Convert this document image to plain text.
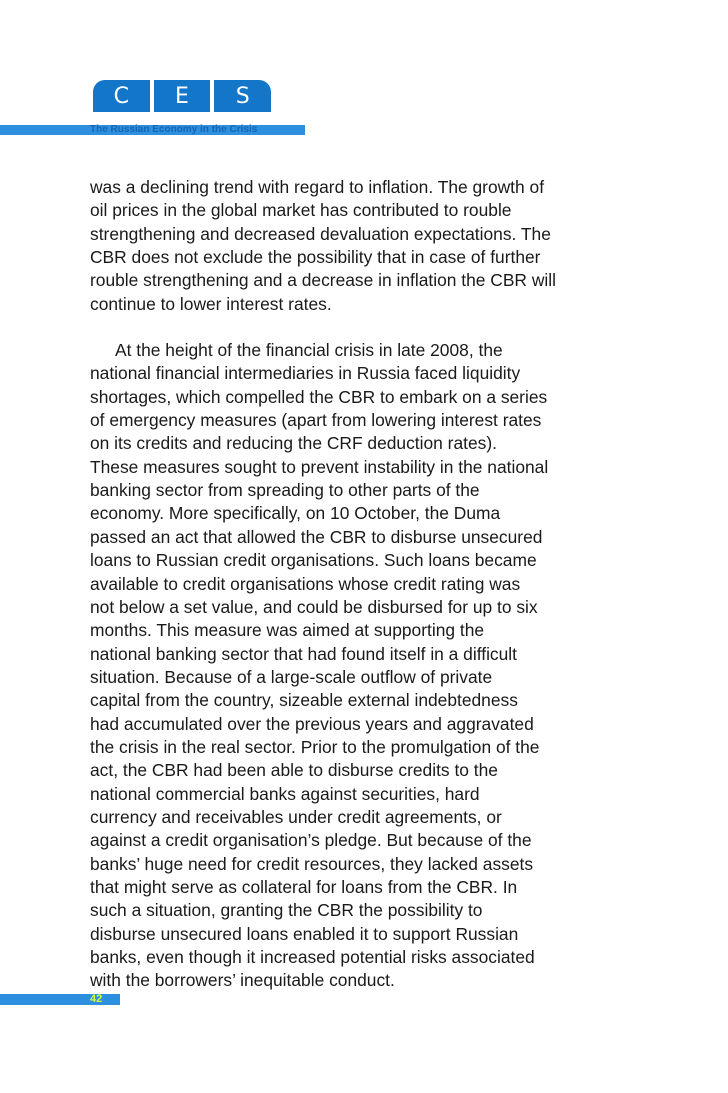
C	E	S
The Russian Economy in the Crisis

was a declining trend with regard to inflation. The growth of
oil prices in the global market has contributed to rouble
strengthening and decreased devaluation expectations. The
CBR does not exclude the possibility that in case of further
rouble strengthening and a decrease in inflation the CBR will
continue to lower interest rates.

At the height of the financial crisis in late 2008, the
national financial intermediaries in Russia faced liquidity
shortages, which compelled the CBR to embark on a series
of emergency measures (apart from lowering interest rates
on its credits and reducing the CRF deduction rates).
These measures sought to prevent instability in the national
banking sector from spreading to other parts of the
economy. More specifically, on 10 October, the Duma
passed an act that allowed the CBR to disburse unsecured
loans to Russian credit organisations. Such loans became
available to credit organisations whose credit rating was
not below a set value, and could be disbursed for up to six
months. This measure was aimed at supporting the
national banking sector that had found itself in a difficult
situation. Because of a large-scale outflow of private
capital from the country, sizeable external indebtedness
had accumulated over the previous years and aggravated
the crisis in the real sector. Prior to the promulgation of the
act, the CBR had been able to disburse credits to the
national commercial banks against securities, hard
currency and receivables under credit agreements, or
against a credit organisation’s pledge. But because of the
banks’ huge need for credit resources, they lacked assets
that might serve as collateral for loans from the CBR. In
such a situation, granting the CBR the possibility to
disburse unsecured loans enabled it to support Russian
banks, even though it increased potential risks associated
with the borrowers’ inequitable conduct.

42
